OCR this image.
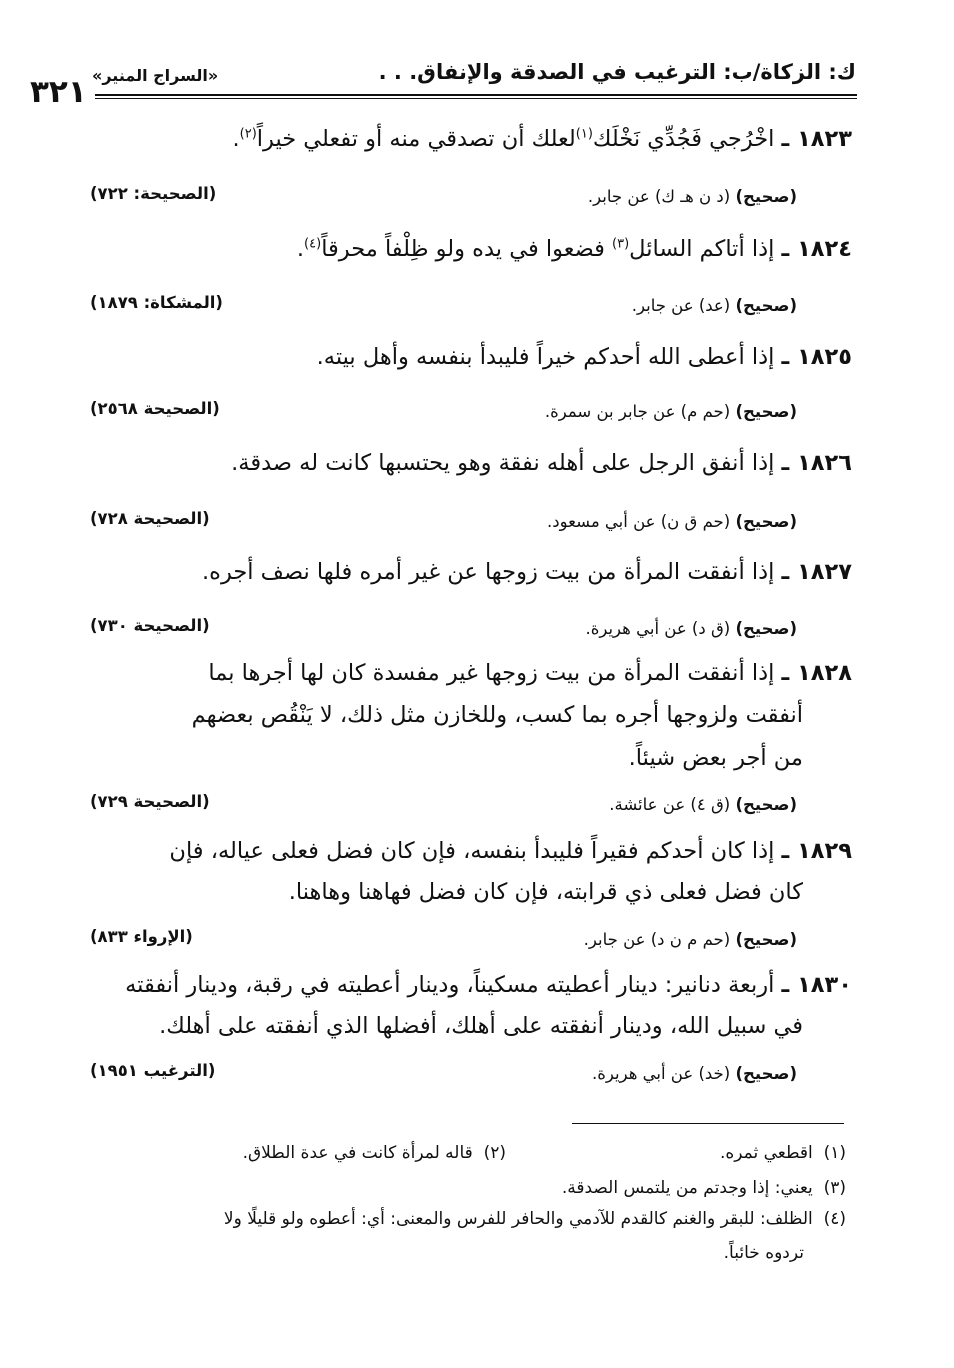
٣٢١ «السراج المنير»	ك: الزكاة/ب: الترغيب في الصدقة والإنفاق. . .
١٨٢٣ ـ اخْرُجي فَجُدِّي نَخْلَك$^{(١)}$لعلك أن تصدقي منه أو تفعلي خيراً$^{(٢)}$.
(صحيح) (د ن هـ ك) عن جابر.
(الصحيحة: ٧٢٢)
١٨٢٤ ـ إذا أتاكم السائل$^{(٣)}$ فضعوا في يده ولو ظِلْفاً محرقاً$^{(٤)}$.
(صحيح) (عد) عن جابر.
(المشكاة: ١٨٧٩)
١٨٢٥ ـ إذا أعطى الله أحدكم خيراً فليبدأ بنفسه وأهل بيته.
(صحيح) (حم م) عن جابر بن سمرة.
(الصحيحة ٢٥٦٨)
١٨٢٦ ـ إذا أنفق الرجل على أهله نفقة وهو يحتسبها كانت له صدقة.
(صحيح) (حم ق ن) عن أبي مسعود.
(الصحيحة ٧٢٨)
١٨٢٧ ـ إذا أنفقت المرأة من بيت زوجها عن غير أمره فلها نصف أجره.
(صحيح) (ق د) عن أبي هريرة.
(الصحيحة ٧٣٠)
١٨٢٨ ـ إذا أنفقت المرأة من بيت زوجها غير مفسدة كان لها أجرها بما
أنفقت ولزوجها أجره بما كسب، وللخازن مثل ذلك، لا يَنْقُص بعضهم
من أجر بعض شيئاً.
(صحيح) (ق ٤) عن عائشة.
(الصحيحة ٧٢٩)
١٨٢٩ ـ إذا كان أحدكم فقيراً فليبدأ بنفسه، فإن كان فضل فعلى عياله، فإن
كان فضل فعلى ذي قرابته، فإن كان فضل فهاهنا وهاهنا.
(صحيح) (حم م ن د) عن جابر.
(الإرواء ٨٣٣)
١٨٣٠ ـ أربعة دنانير: دينار أعطيته مسكيناً، ودينار أعطيته في رقبة، ودينار أنفقته
في سبيل الله، ودينار أنفقته على أهلك، أفضلها الذي أنفقته على أهلك.
(صحيح) (خد) عن أبي هريرة.
(الترغيب ١٩٥١)
(١)  اقطعي ثمره.
(٢)  قاله لمرأة كانت في عدة الطلاق.
(٣)  يعني: إذا وجدتم من يلتمس الصدقة.
(٤)  الظلف: للبقر والغنم كالقدم للآدمي والحافر للفرس والمعنى: أي: أعطوه ولو قليلًا ولا
تردوه خائباً.
